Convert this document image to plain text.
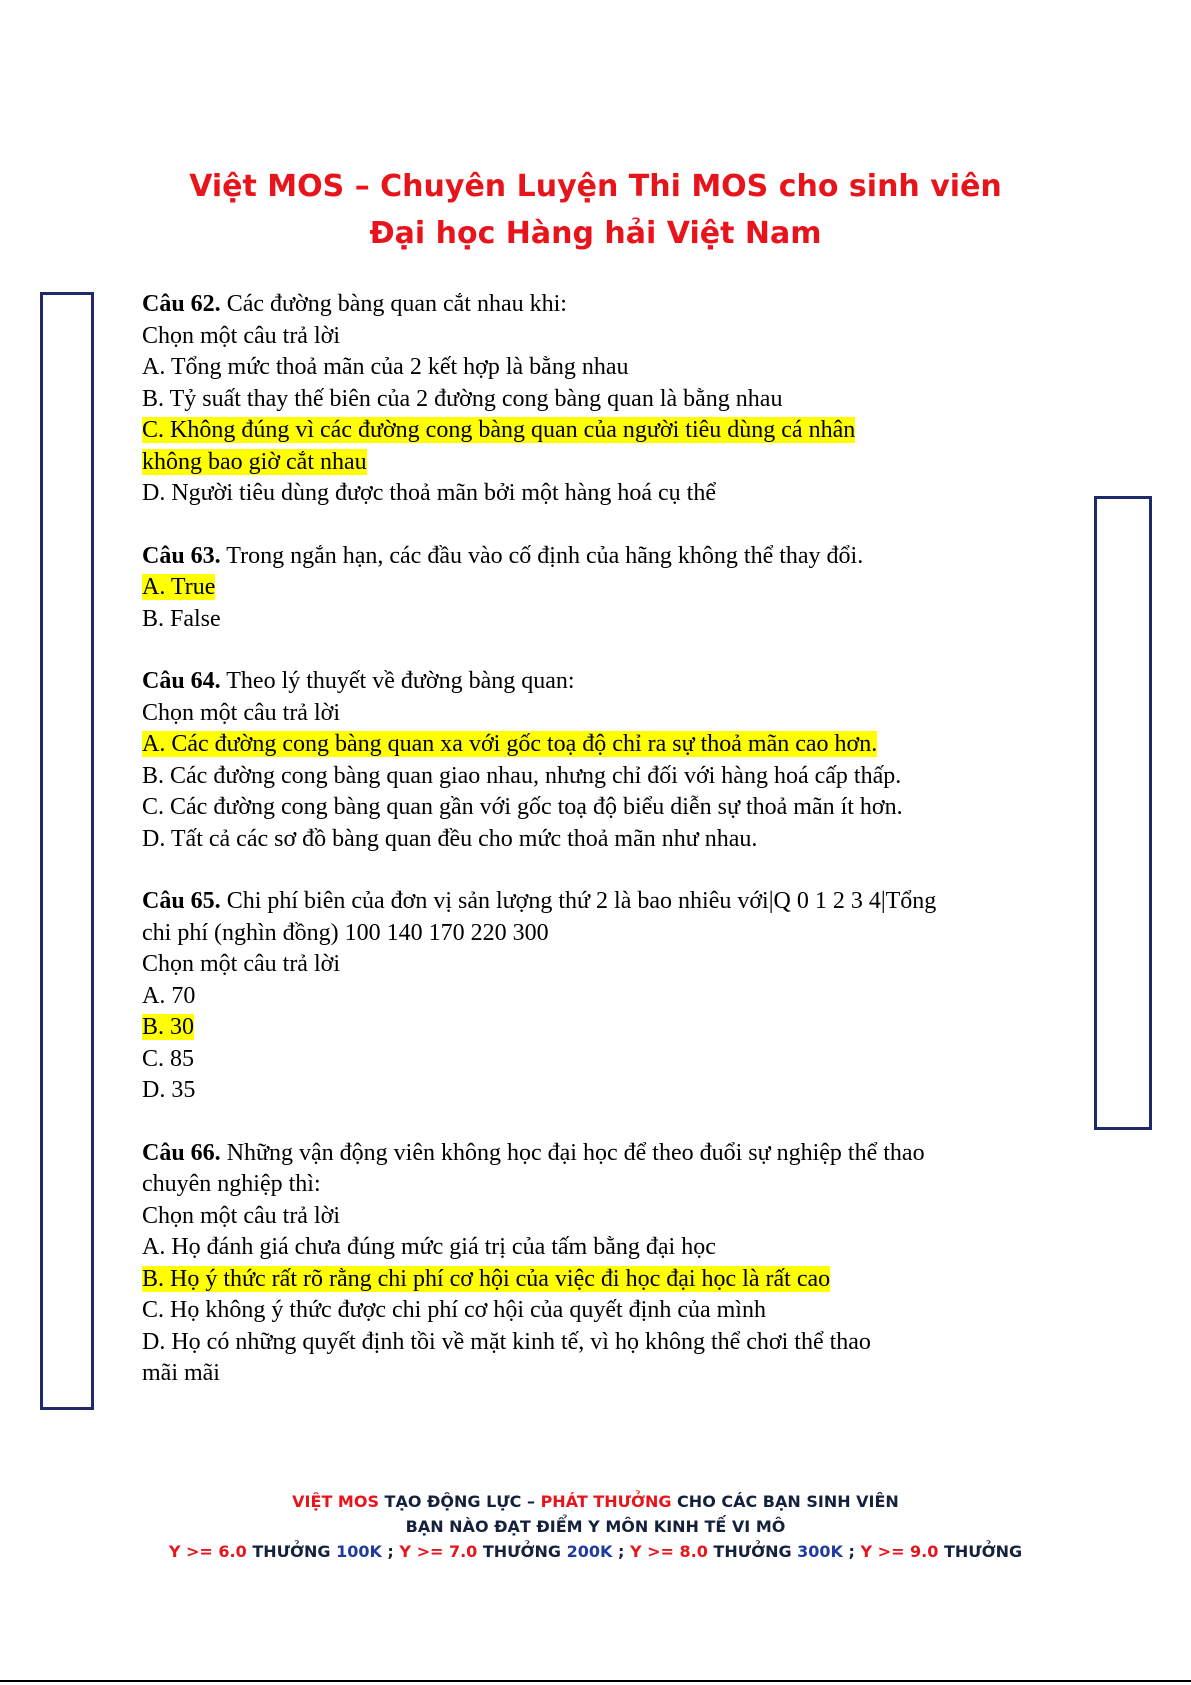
Việt MOS – Chuyên Luyện Thi MOS cho sinh viên
Đại học Hàng hải Việt Nam
Câu 62. Các đường bàng quan cắt nhau khi:
Chọn một câu trả lời
A. Tổng mức thoả mãn của 2 kết hợp là bằng nhau
B. Tỷ suất thay thế biên của 2 đường cong bàng quan là bằng nhau
C. Không đúng vì các đường cong bàng quan của người tiêu dùng cá nhân
không bao giờ cắt nhau
D. Người tiêu dùng được thoả mãn bởi một hàng hoá cụ thể
Câu 63. Trong ngắn hạn, các đầu vào cố định của hãng không thể thay đổi.
A. True
B. False
Câu 64. Theo lý thuyết về đường bàng quan:
Chọn một câu trả lời
A. Các đường cong bàng quan xa với gốc toạ độ chỉ ra sự thoả mãn cao hơn.
B. Các đường cong bàng quan giao nhau, nhưng chỉ đối với hàng hoá cấp thấp.
C. Các đường cong bàng quan gần với gốc toạ độ biểu diễn sự thoả mãn ít hơn.
D. Tất cả các sơ đồ bàng quan đều cho mức thoả mãn như nhau.
Câu 65. Chi phí biên của đơn vị sản lượng thứ 2 là bao nhiêu với|Q 0 1 2 3 4|Tổng
chi phí (nghìn đồng) 100 140 170 220 300
Chọn một câu trả lời
A. 70
B. 30
C. 85
D. 35
Câu 66. Những vận động viên không học đại học để theo đuổi sự nghiệp thể thao
chuyên nghiệp thì:
Chọn một câu trả lời
A. Họ đánh giá chưa đúng mức giá trị của tấm bằng đại học
B. Họ ý thức rất rõ rằng chi phí cơ hội của việc đi học đại học là rất cao
C. Họ không ý thức được chi phí cơ hội của quyết định của mình
D. Họ có những quyết định tồi về mặt kinh tế, vì họ không thể chơi thể thao
mãi mãi
VIỆT MOS TẠO ĐỘNG LỰC – PHÁT THƯỞNG CHO CÁC BẠN SINH VIÊN
BẠN NÀO ĐẠT ĐIỂM Y MÔN KINH TẾ VI MÔ
Y >= 6.0 THƯỞNG 100K ; Y >= 7.0 THƯỞNG 200K ; Y >= 8.0 THƯỞNG 300K ; Y >= 9.0 THƯỞNG
